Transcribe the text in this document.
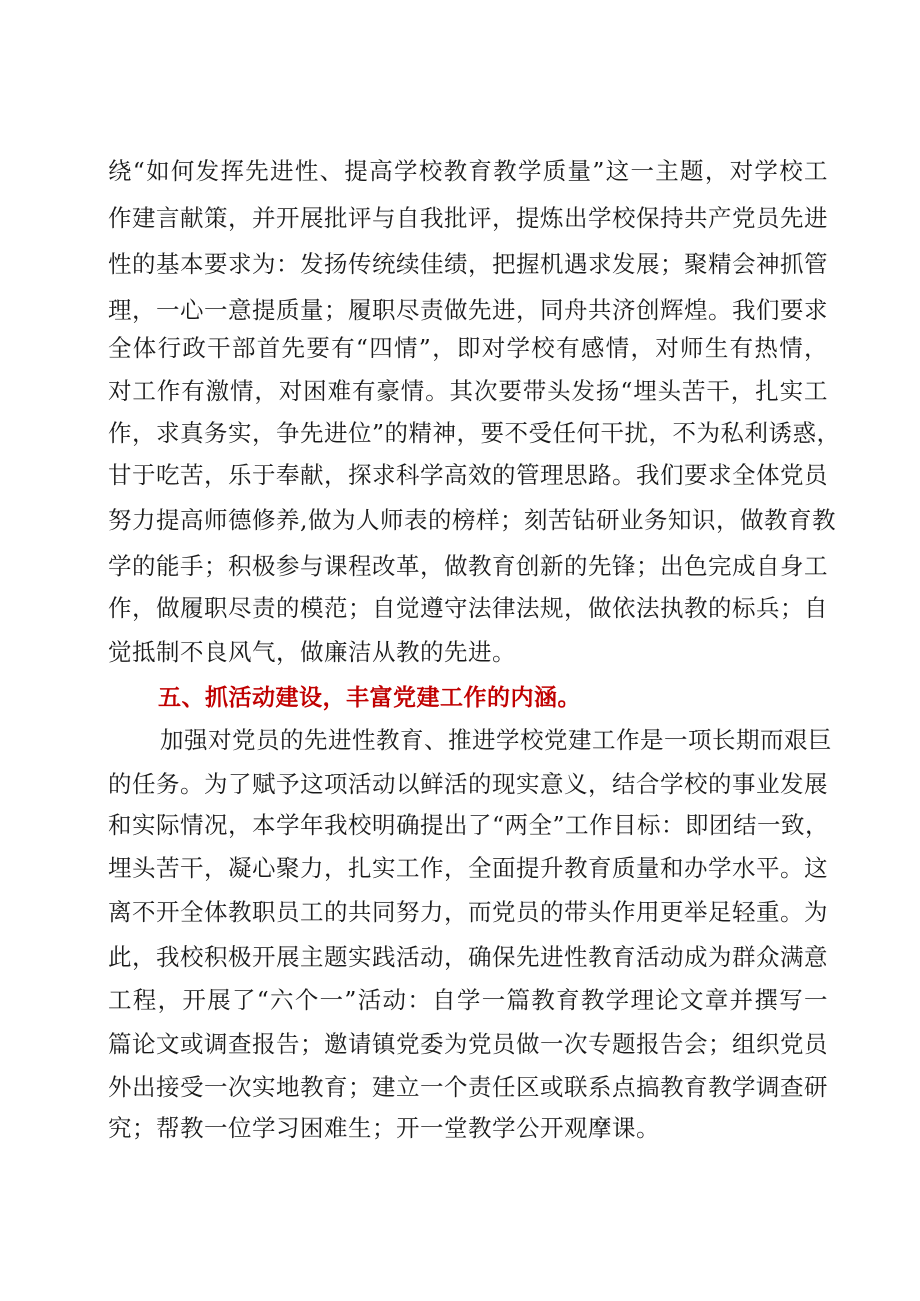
绕“如何发挥先进性、提高学校教育教学质量”这一主题，对学校工
作建言献策，并开展批评与自我批评，提炼出学校保持共产党员先进
性的基本要求为：发扬传统续佳绩，把握机遇求发展；聚精会神抓管
理，一心一意提质量；履职尽责做先进，同舟共济创辉煌。我们要求
全体行政干部首先要有“四情”，即对学校有感情，对师生有热情，
对工作有激情，对困难有豪情。其次要带头发扬“埋头苦干，扎实工
作，求真务实，争先进位”的精神，要不受任何干扰，不为私利诱惑，
甘于吃苦，乐于奉献，探求科学高效的管理思路。我们要求全体党员
努力提高师德修养,做为人师表的榜样；刻苦钻研业务知识，做教育教
学的能手；积极参与课程改革，做教育创新的先锋；出色完成自身工
作，做履职尽责的模范；自觉遵守法律法规，做依法执教的标兵；自
觉抵制不良风气，做廉洁从教的先进。
五、抓活动建设，丰富党建工作的内涵。
加强对党员的先进性教育、推进学校党建工作是一项长期而艰巨
的任务。为了赋予这项活动以鲜活的现实意义，结合学校的事业发展
和实际情况，本学年我校明确提出了“两全”工作目标：即团结一致，
埋头苦干，凝心聚力，扎实工作，全面提升教育质量和办学水平。这
离不开全体教职员工的共同努力，而党员的带头作用更举足轻重。为
此，我校积极开展主题实践活动，确保先进性教育活动成为群众满意
工程，开展了“六个一”活动：自学一篇教育教学理论文章并撰写一
篇论文或调查报告；邀请镇党委为党员做一次专题报告会；组织党员
外出接受一次实地教育；建立一个责任区或联系点搞教育教学调查研
究；帮教一位学习困难生；开一堂教学公开观摩课。
